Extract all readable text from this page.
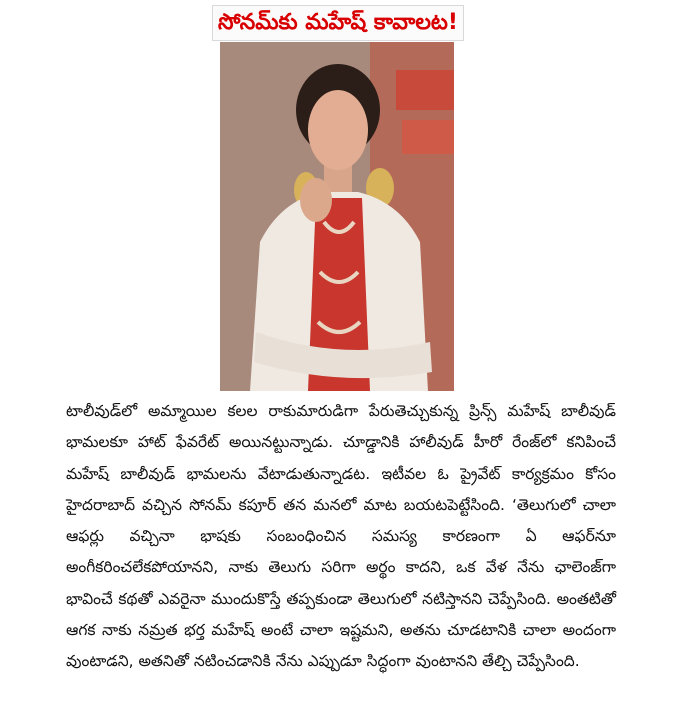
సోనమ్‌కు మహేష్ కావాలట!

టాలీవుడ్‌లో అమ్మాయిల కలల రాకుమారుడిగా పేరుతెచ్చుకున్న ప్రిన్స్ మహేష్ బాలీవుడ్ భామలకూ హాట్ ఫేవరేట్ అయినట్టున్నాడు. చూడ్డానికి హాలీవుడ్ హీరో రేంజ్‌లో కనిపించే మహేష్ బాలీవుడ్ భామలను వేటాడుతున్నాడట. ఇటీవల ఓ ప్రైవేట్ కార్యక్రమం కోసం హైదరాబాద్ వచ్చిన సోనమ్ కపూర్ తన మనలో మాట బయటపెట్టేసింది. ‘తెలుగులో చాలా ఆఫర్లు వచ్చినా భాషకు సంబంధించిన సమస్య కారణంగా ఏ ఆఫర్‌నూ అంగీకరించలేకపోయానని, నాకు తెలుగు సరిగా అర్థం కాదని, ఒక వేళ నేను ఛాలెంజ్‌గా భావించే కథతో ఎవరైనా ముందుకొస్తే తప్పకుండా తెలుగులో నటిస్తానని చెప్పేసింది. అంతటితో ఆగక నాకు నమ్రత భర్త మహేష్ అంటే చాలా ఇష్టమని, అతను చూడటానికి చాలా అందంగా వుంటాడని, అతనితో నటించడానికి నేను ఎప్పుడూ సిద్ధంగా వుంటానని తేల్చి చెప్పేసింది.
